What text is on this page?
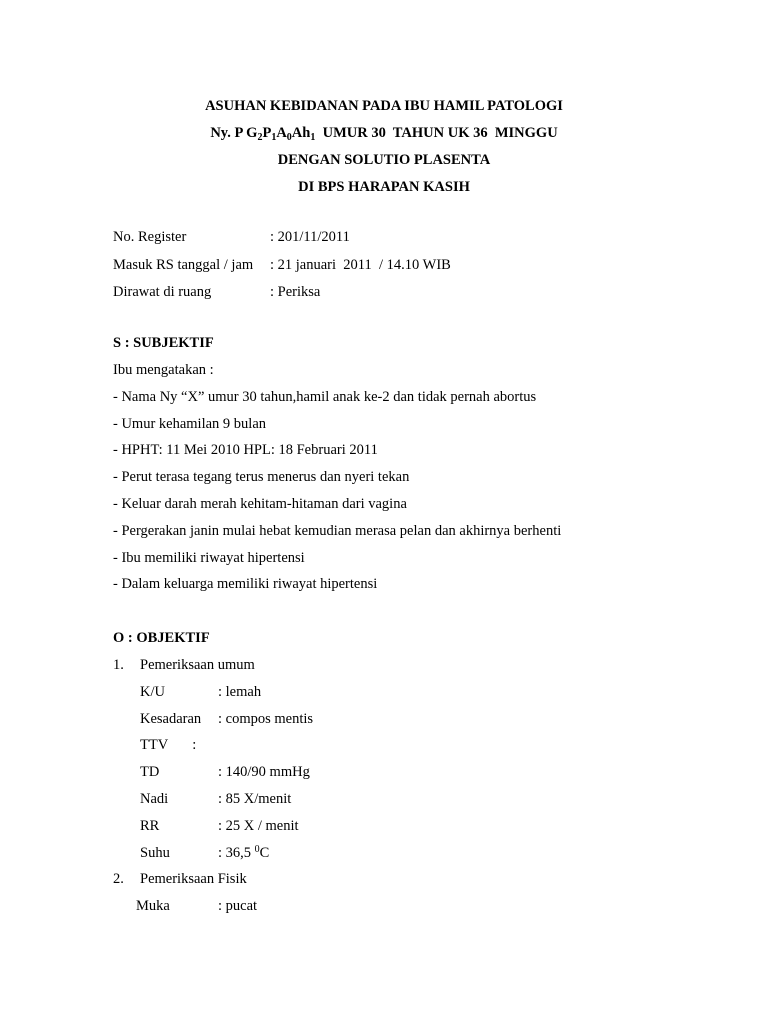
ASUHAN KEBIDANAN PADA IBU HAMIL PATOLOGI
Ny. P $G_2P_1A_0Ah_1$  UMUR 30  TAHUN UK 36  MINGGU
DENGAN SOLUTIO PLASENTA
DI BPS HARAPAN KASIH
No. Register	: 201/11/2011
Masuk RS tanggal / jam : 21 januari  2011  / 14.10 WIB
Dirawat di ruang	: Periksa
S : SUBJEKTIF
Ibu mengatakan :
- Nama Ny “X” umur 30 tahun,hamil anak ke-2 dan tidak pernah abortus
- Umur kehamilan 9 bulan
- HPHT: 11 Mei 2010 HPL: 18 Februari 2011
- Perut terasa tegang terus menerus dan nyeri tekan
- Keluar darah merah kehitam-hitaman dari vagina
- Pergerakan janin mulai hebat kemudian merasa pelan dan akhirnya berhenti
- Ibu memiliki riwayat hipertensi
- Dalam keluarga memiliki riwayat hipertensi
O : OBJEKTIF
1. Pemeriksaan umum
K/U	: lemah
Kesadaran : compos mentis
TTV :
TD	: 140/90 mmHg
Nadi	: 85 X/menit
RR	: 25 X / menit
Suhu	: 36,5 $^0$C
2. Pemeriksaan Fisik
Muka	: pucat
